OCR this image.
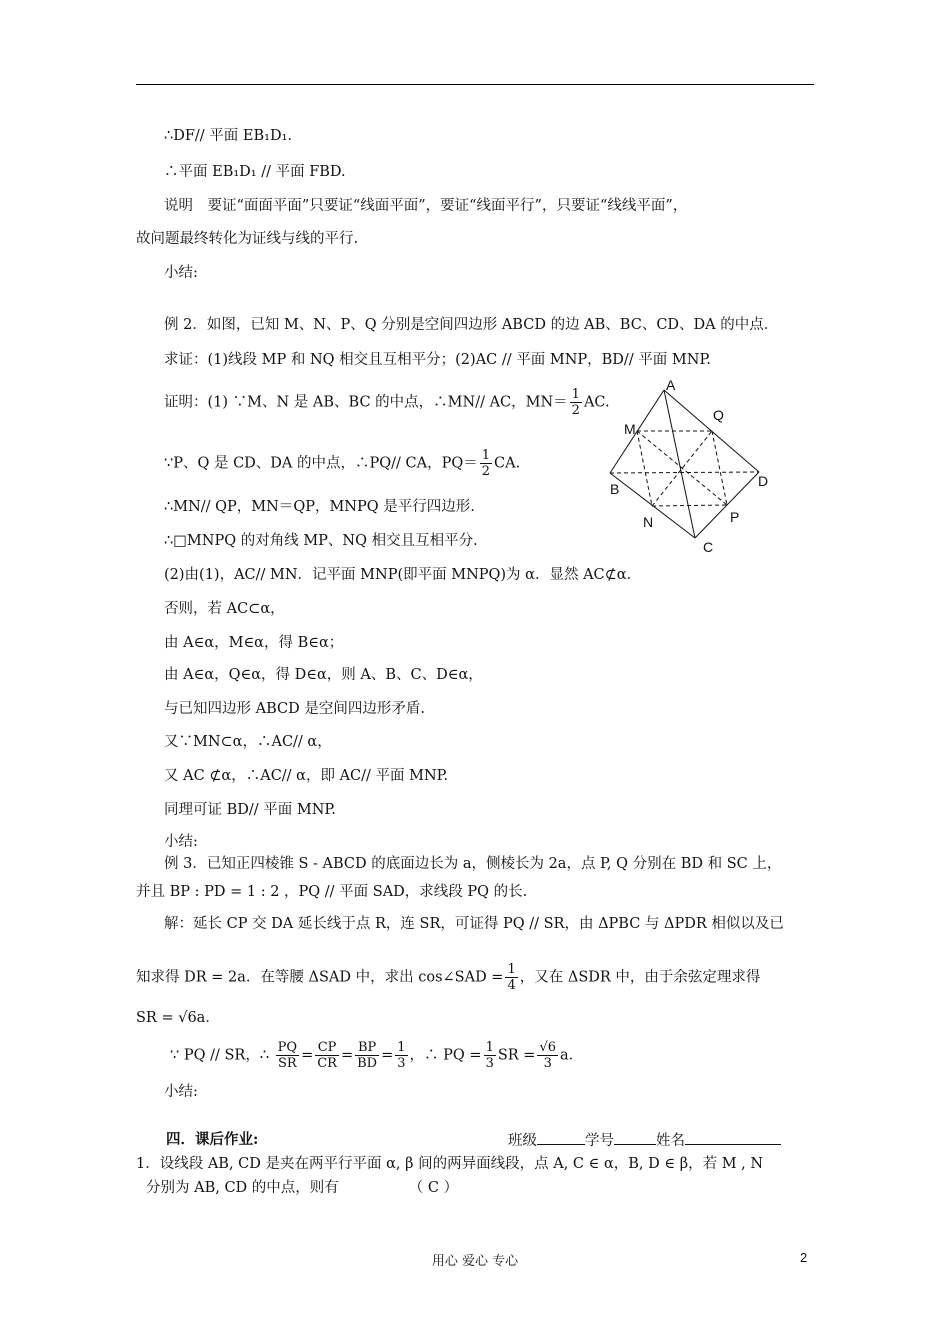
∴DF// 平面 EB₁D₁.
∴平面 EB₁D₁ // 平面 FBD.
说明　要证“面面平面”只要证“线面平面”，要证“线面平行”，只要证“线线平面”，
故问题最终转化为证线与线的平行.
小结:
例 2．如图，已知 M、N、P、Q 分别是空间四边形 ABCD 的边 AB、BC、CD、DA 的中点．
求证：(1)线段 MP 和 NQ 相交且互相平分；(2)AC // 平面 MNP，BD// 平面 MNP.
证明：(1) ∵M、N 是 AB、BC 的中点，∴MN// AC，$MN= \frac{1}{2}$ AC.
∵P、Q 是 CD、DA 的中点，∴PQ// CA，$PQ= \frac{1}{2}$ CA.
∴MN// QP，MN＝QP，MNPQ 是平行四边形.
∴□MNPQ 的对角线 MP、NQ 相交且互相平分.
(2)由(1)，AC// MN．记平面 MNP(即平面 MNPQ)为 α．显然 AC⊄α．
否则，若 AC⊂α，
由 A∈α，M∈α，得 B∈α；
由 A∈α，Q∈α，得 D∈α，则 A、B、C、D∈α，
与已知四边形 ABCD 是空间四边形矛盾.
又∵MN⊂α，∴AC// α，
又 AC ⊄α，∴AC// α，即 AC// 平面 MNP.
同理可证 BD// 平面 MNP.
小结:
例 3．已知正四棱锥 S - ABCD 的底面边长为 a，侧棱长为 2a，点 P, Q 分别在 BD 和 SC 上，
并且 BP : PD = 1 : 2 ，PQ // 平面 SAD，求线段 PQ 的长.
解：延长 CP 交 DA 延长线于点 R，连 SR，可证得 PQ // SR，由 ΔPBC 与 ΔPDR 相似以及已
知求得 DR = 2a．在等腰 ΔSAD 中，求出 cos∠SAD = $\frac{1}{4}$ ，又在 ΔSDR 中，由于余弦定理求得
SR = √6a．
∵ PQ // SR，∴ $\frac{PQ}{SR} = \frac{CP}{CR} = \frac{BP}{BD} = \frac{1}{3}$ ，∴ PQ = $\frac{1}{3}$ SR = $\frac{√6}{3}$ a．
小结:
四．课后作业:	班级	学号	姓名
1．设线段 AB, CD 是夹在两平行平面 α, β 间的两异面线段，点 A, C ∈ α，B, D ∈ β，若 M , N
分别为 AB, CD 的中点，则有	（ C ）
A
B
C
D
M
N	P
Q
用心 爱心 专心	2
